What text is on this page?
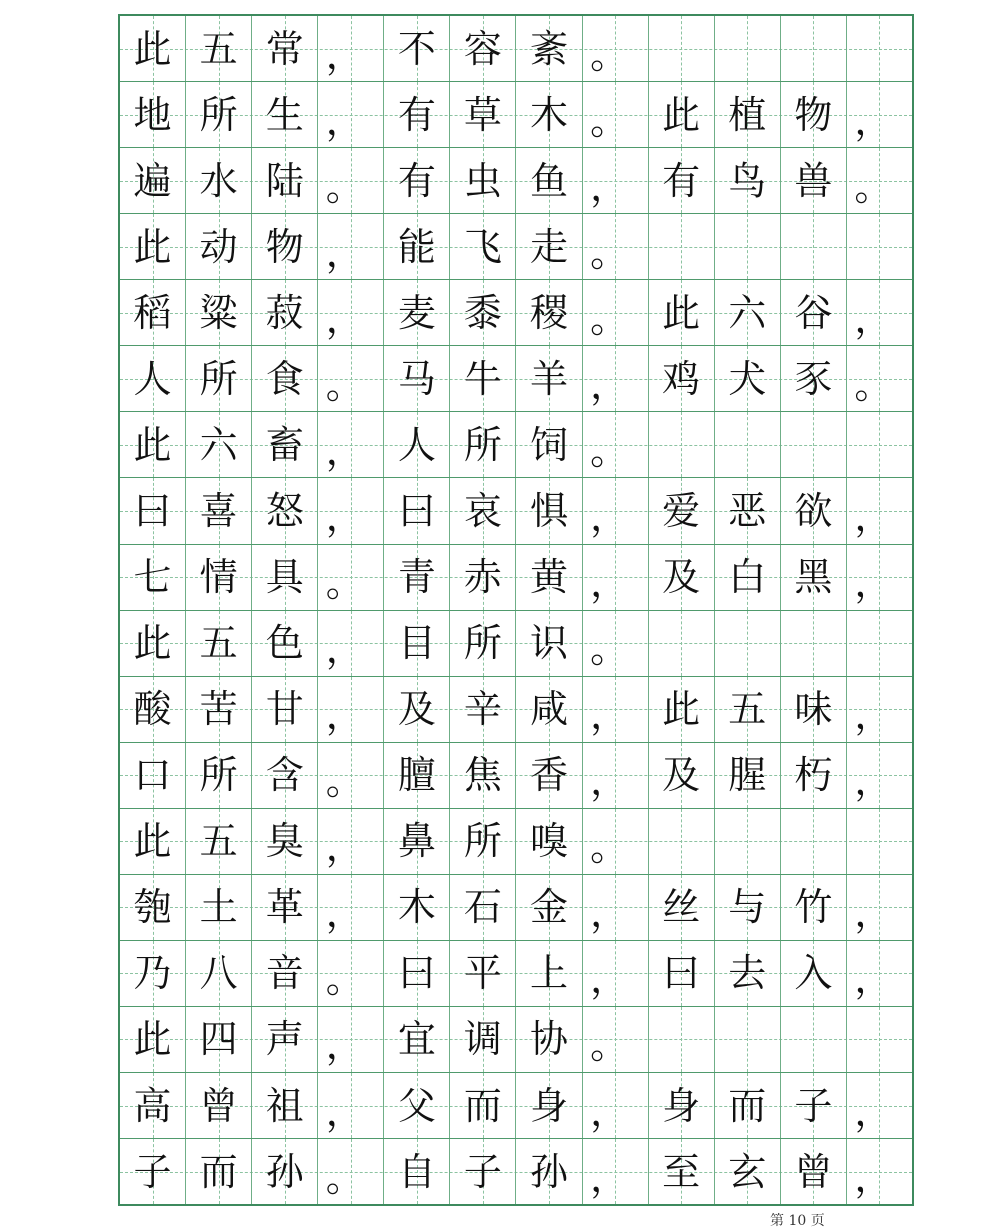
此 五 常 ， 不 容 紊 。
地 所 生 ， 有 草 木 。 此 植 物 ，
遍 水 陆 。 有 虫 鱼 ， 有 鸟 兽 。
此 动 物 ， 能 飞 走 。
稻 粱 菽 ， 麦 黍 稷 。 此 六 谷 ，
人 所 食 。 马 牛 羊 ， 鸡 犬 豕 。
此 六 畜 ， 人 所 饲 。
曰 喜 怒 ， 曰 哀 惧 ， 爱 恶 欲 ，
七 情 具 。 青 赤 黄 ， 及 白 黑 ，
此 五 色 ， 目 所 识 。
酸 苦 甘 ， 及 辛 咸 ， 此 五 味 ，
口 所 含 。 膻 焦 香 ， 及 腥 朽 ，
此 五 臭 ， 鼻 所 嗅 。
匏 土 革 ， 木 石 金 ， 丝 与 竹 ，
乃 八 音 。 曰 平 上 ， 曰 去 入 ，
此 四 声 ， 宜 调 协 。
高 曾 祖 ， 父 而 身 ， 身 而 子 ，
子 而 孙 。 自 子 孙 ， 至 玄 曾 ，
第 10 页
